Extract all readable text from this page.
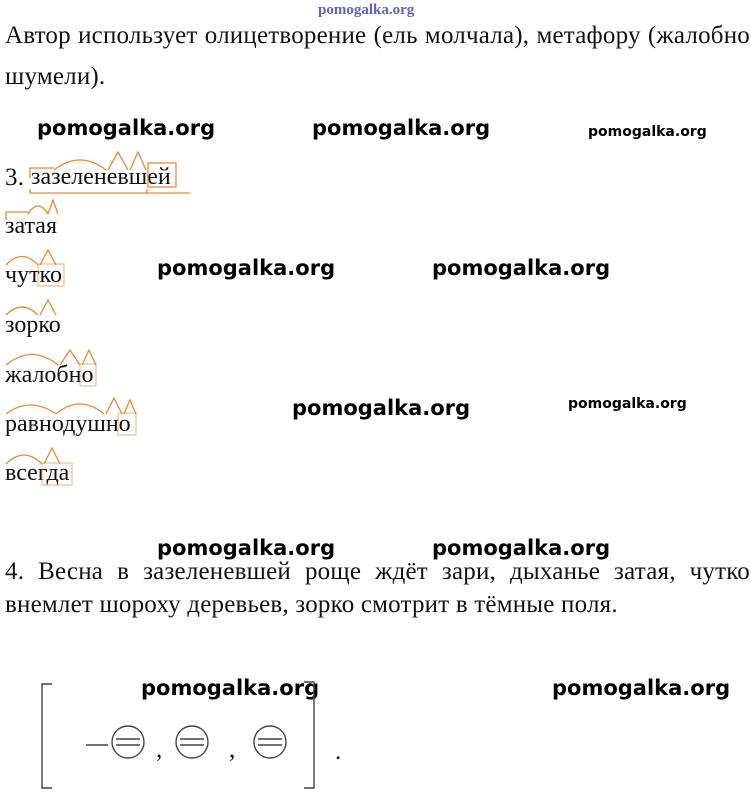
pomogalka.org
Автор использует олицетворение (ель молчала), метафору (жалобно
шумели).
pomogalka.org	pomogalka.org	pomogalka.org
3. зазеленевшей
затая
чутко
зорко
жалобно
равнодушно
всегда
pomogalka.org	pomogalka.org
pomogalka.org	pomogalka.org
pomogalka.org	pomogalka.org
4. Весна в зазеленевшей роще ждёт зари, дыханье затая, чутко
внемлет шороху деревьев, зорко смотрит в тёмные поля.
pomogalka.org	pomogalka.org
,	,	.
